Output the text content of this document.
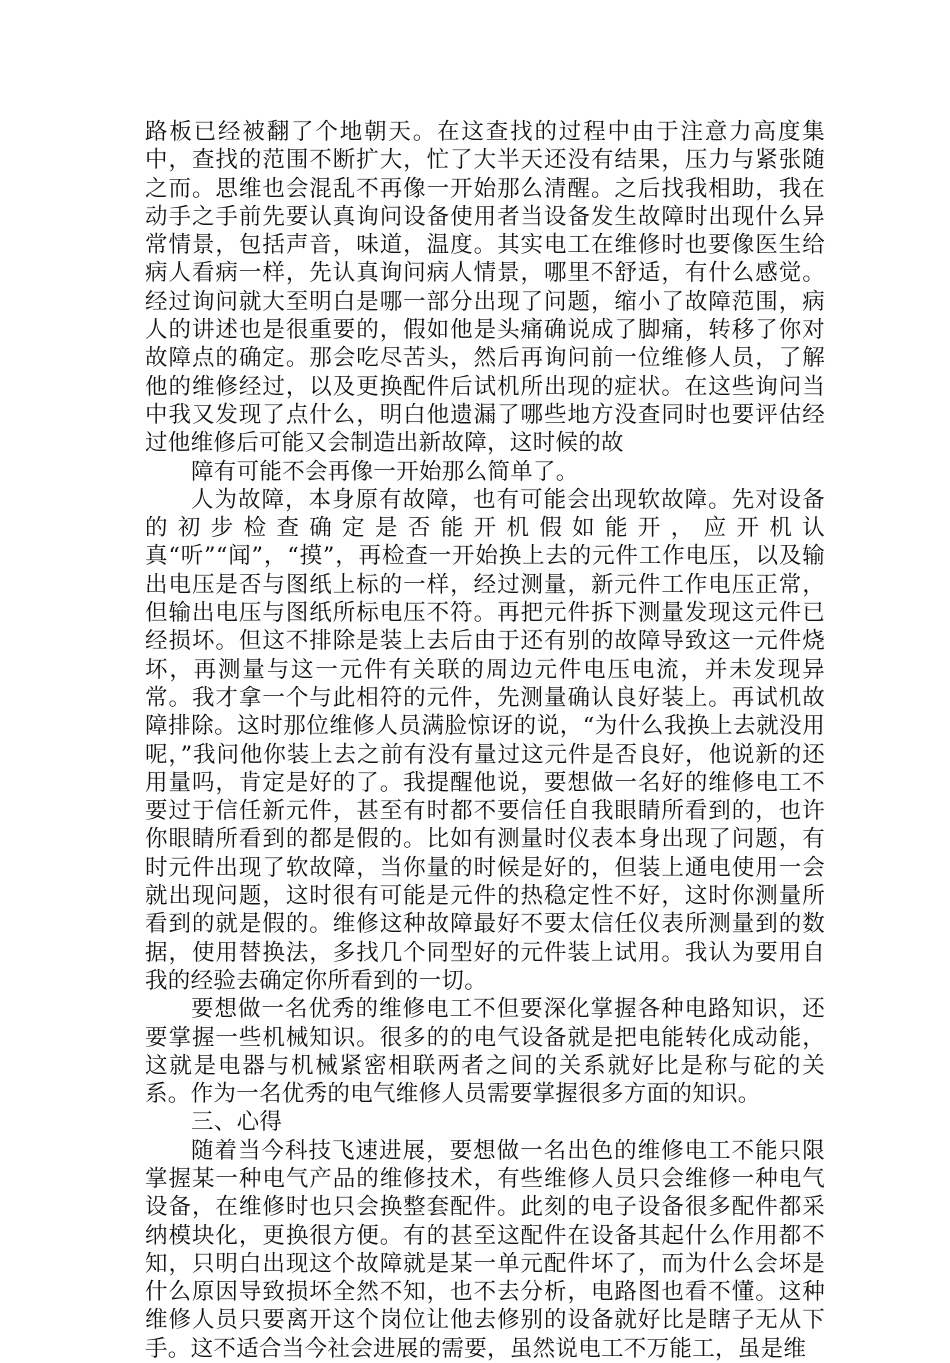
路板已经被翻了个地朝天。在这查找的过程中由于注意力高度集中，查找的范围不断扩大，忙了大半天还没有结果，压力与紧张随之而。思维也会混乱不再像一开始那么清醒。之后找我相助，我在动手之手前先要认真询问设备使用者当设备发生故障时出现什么异常情景，包括声音，味道，温度。其实电工在维修时也要像医生给病人看病一样，先认真询问病人情景，哪里不舒适，有什么感觉。经过询问就大至明白是哪一部分出现了问题，缩小了故障范围，病人的讲述也是很重要的，假如他是头痛确说成了脚痛，转移了你对故障点的确定。那会吃尽苦头，然后再询问前一位维修人员，了解他的维修经过，以及更换配件后试机所出现的症状。在这些询问当中我又发现了点什么，明白他遗漏了哪些地方没查同时也要评估经过他维修后可能又会制造出新故障，这时候的故

障有可能不会再像一开始那么简单了。

人为故障，本身原有故障，也有可能会出现软故障。先对设备的初步检查确定是否能开机假如能开，应开机认真“听”“闻”，“摸”，再检查一开始换上去的元件工作电压，以及输出电压是否与图纸上标的一样，经过测量，新元件工作电压正常，但输出电压与图纸所标电压不符。再把元件拆下测量发现这元件已经损坏。但这不排除是装上去后由于还有别的故障导致这一元件烧坏，再测量与这一元件有关联的周边元件电压电流，并未发现异常。我才拿一个与此相符的元件，先测量确认良好装上。再试机故障排除。这时那位维修人员满脸惊讶的说，“为什么我换上去就没用呢，”我问他你装上去之前有没有量过这元件是否良好，他说新的还用量吗，肯定是好的了。我提醒他说，要想做一名好的维修电工不要过于信任新元件，甚至有时都不要信任自我眼睛所看到的，也许你眼睛所看到的都是假的。比如有测量时仪表本身出现了问题，有时元件出现了软故障，当你量的时候是好的，但装上通电使用一会就出现问题，这时很有可能是元件的热稳定性不好，这时你测量所看到的就是假的。维修这种故障最好不要太信任仪表所测量到的数据，使用替换法，多找几个同型好的元件装上试用。我认为要用自我的经验去确定你所看到的一切。

要想做一名优秀的维修电工不但要深化掌握各种电路知识，还要掌握一些机械知识。很多的的电气设备就是把电能转化成动能，这就是电器与机械紧密相联两者之间的关系就好比是称与砣的关系。作为一名优秀的电气维修人员需要掌握很多方面的知识。

三、心得

随着当今科技飞速进展，要想做一名出色的维修电工不能只限掌握某一种电气产品的维修技术，有些维修人员只会维修一种电气设备，在维修时也只会换整套配件。此刻的电子设备很多配件都采纳模块化，更换很方便。有的甚至这配件在设备其起什么作用都不知，只明白出现这个故障就是某一单元配件坏了，而为什么会坏是什么原因导致损坏全然不知，也不去分析，电路图也看不懂。这种维修人员只要离开这个岗位让他去修别的设备就好比是瞎子无从下手。这不适合当今社会进展的需要，虽然说电工不万能工，虽是维
